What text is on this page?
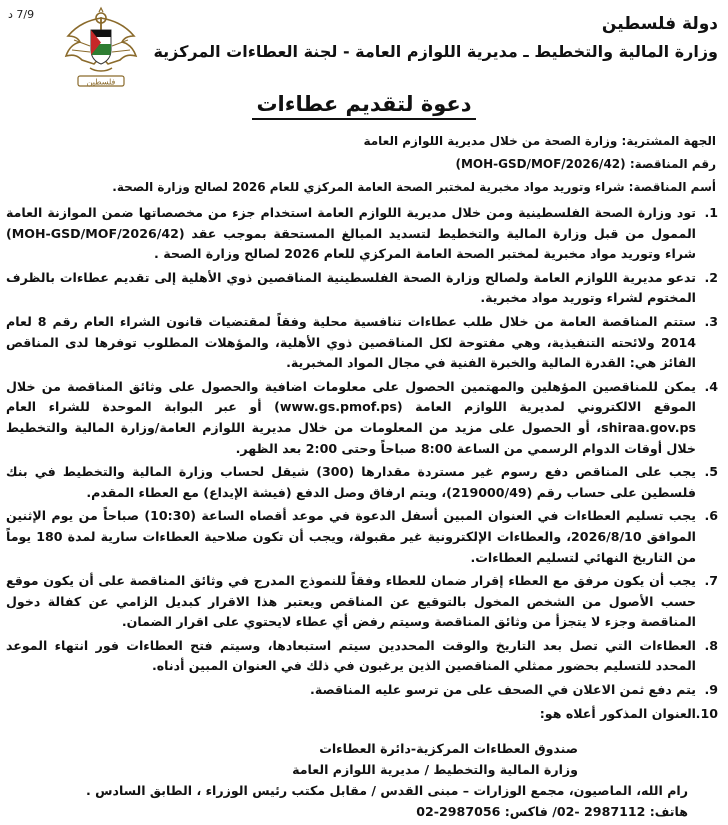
7/9 د
فلسطين
دولة فلسطين
وزارة المالية والتخطيط ـ مديرية اللوازم العامة - لجنة العطاءات المركزية
دعوة لتقديم عطاءات
الجهة المشترية: وزارة الصحة من خلال مديرية اللوازم العامة
رقم المناقصة: (MOH-GSD/MOF/2026/42)
أسم المناقصة: شراء وتوريد مواد مخبرية لمختبر الصحة العامة المركزي للعام 2026 لصالح وزارة الصحة.
1.
تود وزارة الصحة الفلسطينية ومن خلال مديرية اللوازم العامة استخدام جزء من مخصصاتها ضمن الموازنة العامة الممول من قبل وزارة المالية والتخطيط لتسديد المبالغ المستحقة بموجب عقد (MOH-GSD/MOF/2026/42) شراء وتوريد مواد مخبرية لمختبر الصحة العامة المركزي للعام 2026 لصالح وزارة الصحة .
2.
تدعو مديرية اللوازم العامة ولصالح وزارة الصحة الفلسطينية المناقصين ذوي الأهلية إلى تقديم عطاءات بالظرف المختوم لشراء وتوريد مواد مخبرية.
3.
ستتم المناقصة العامة من خلال طلب عطاءات تنافسية محلية وفقاً لمقتضيات قانون الشراء العام رقم 8 لعام 2014 ولائحته التنفيذية، وهي مفتوحة لكل المناقصين ذوي الأهلية، والمؤهلات المطلوب توفرها لدى المناقص الفائز هي: القدرة المالية والخبرة الفنية في مجال المواد المخبرية.
4.
يمكن للمناقصين المؤهلين والمهتمين الحصول على معلومات اضافية والحصول على وثائق المناقصة من خلال الموقع الالكتروني لمديرية اللوازم العامة (www.gs.pmof.ps) أو عبر البوابة الموحدة للشراء العام shiraa.gov.ps، أو الحصول على مزيد من المعلومات من خلال مديرية اللوازم العامة/وزارة المالية والتخطيط خلال أوقات الدوام الرسمي من الساعة 8:00 صباحاً وحتى 2:00 بعد الظهر.
5.
يجب على المناقص دفع رسوم غير مستردة مقدارها (300) شيقل لحساب وزارة المالية والتخطيط في بنك فلسطين على حساب رقم (219000/49)، ويتم ارفاق وصل الدفع (فيشة الإيداع) مع العطاء المقدم.
6.
يجب تسليم العطاءات في العنوان المبين أسفل الدعوة في موعد أقصاه الساعة (10:30) صباحاً من يوم الإثنين الموافق 2026/8/10، والعطاءات الإلكترونية غير مقبولة، ويجب أن تكون صلاحية العطاءات سارية لمدة 180 يوماً من التاريخ النهائي لتسليم العطاءات.
7.
يجب أن يكون مرفق مع العطاء إقرار ضمان للعطاء وفقاً للنموذج المدرج في وثائق المناقصة على أن يكون موقع حسب الأصول من الشخص المخول بالتوقيع عن المناقص ويعتبر هذا الاقرار كبديل الزامي عن كفالة دخول المناقصة وجزء لا يتجزأ من وثائق المناقصة وسيتم رفض أي عطاء لايحتوي على اقرار الضمان.
8.
العطاءات التي تصل بعد التاريخ والوقت المحددين سيتم استبعادها، وسيتم فتح العطاءات فور انتهاء الموعد المحدد للتسليم بحضور ممثلي المناقصين الذين يرغبون في ذلك في العنوان المبين أدناه.
9.
يتم دفع ثمن الاعلان في الصحف على من ترسو عليه المناقصة.
10.
العنوان المذكور أعلاه هو:
صندوق العطاءات المركزية-دائرة العطاءات
وزارة المالية والتخطيط / مديرية اللوازم العامة
رام الله، الماصيون، مجمع الوزارات – مبنى القدس / مقابل مكتب رئيس الوزراء ، الطابق السادس .
هاتف: 2987112 -02/ فاكس: 2987056-02
